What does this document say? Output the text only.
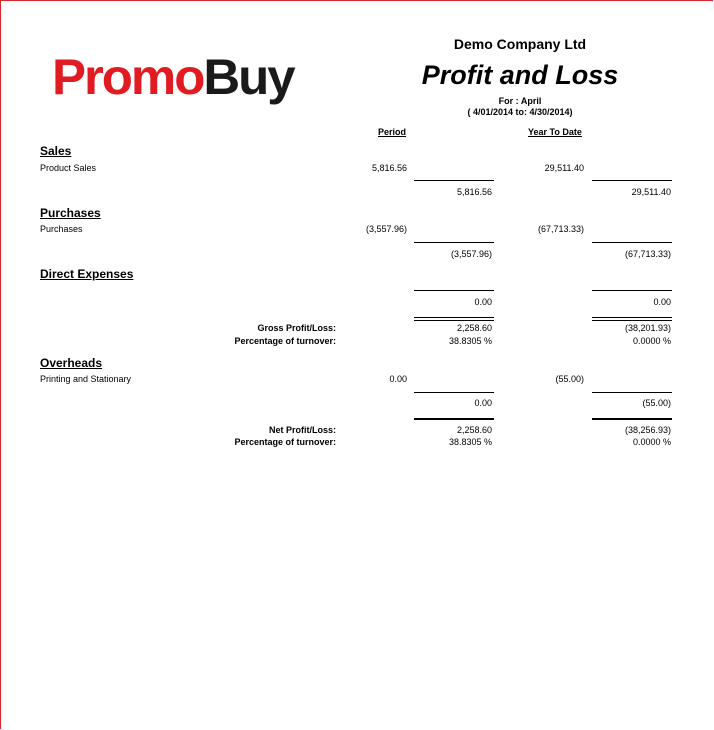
PromoBuy
Demo Company Ltd
Profit and Loss
For : April
( 4/01/2014 to: 4/30/2014)
Period	Year To Date
Sales
Product Sales	5,816.56	29,511.40
5,816.56	29,511.40
Purchases
Purchases	(3,557.96)	(67,713.33)
(3,557.96)	(67,713.33)
Direct Expenses
0.00	0.00
Gross Profit/Loss:	2,258.60	(38,201.93)
Percentage of turnover:	38.8305 %	0.0000 %
Overheads
Printing and Stationary	0.00	(55.00)
0.00	(55.00)
Net Profit/Loss:	2,258.60	(38,256.93)
Percentage of turnover:	38.8305 %	0.0000 %
